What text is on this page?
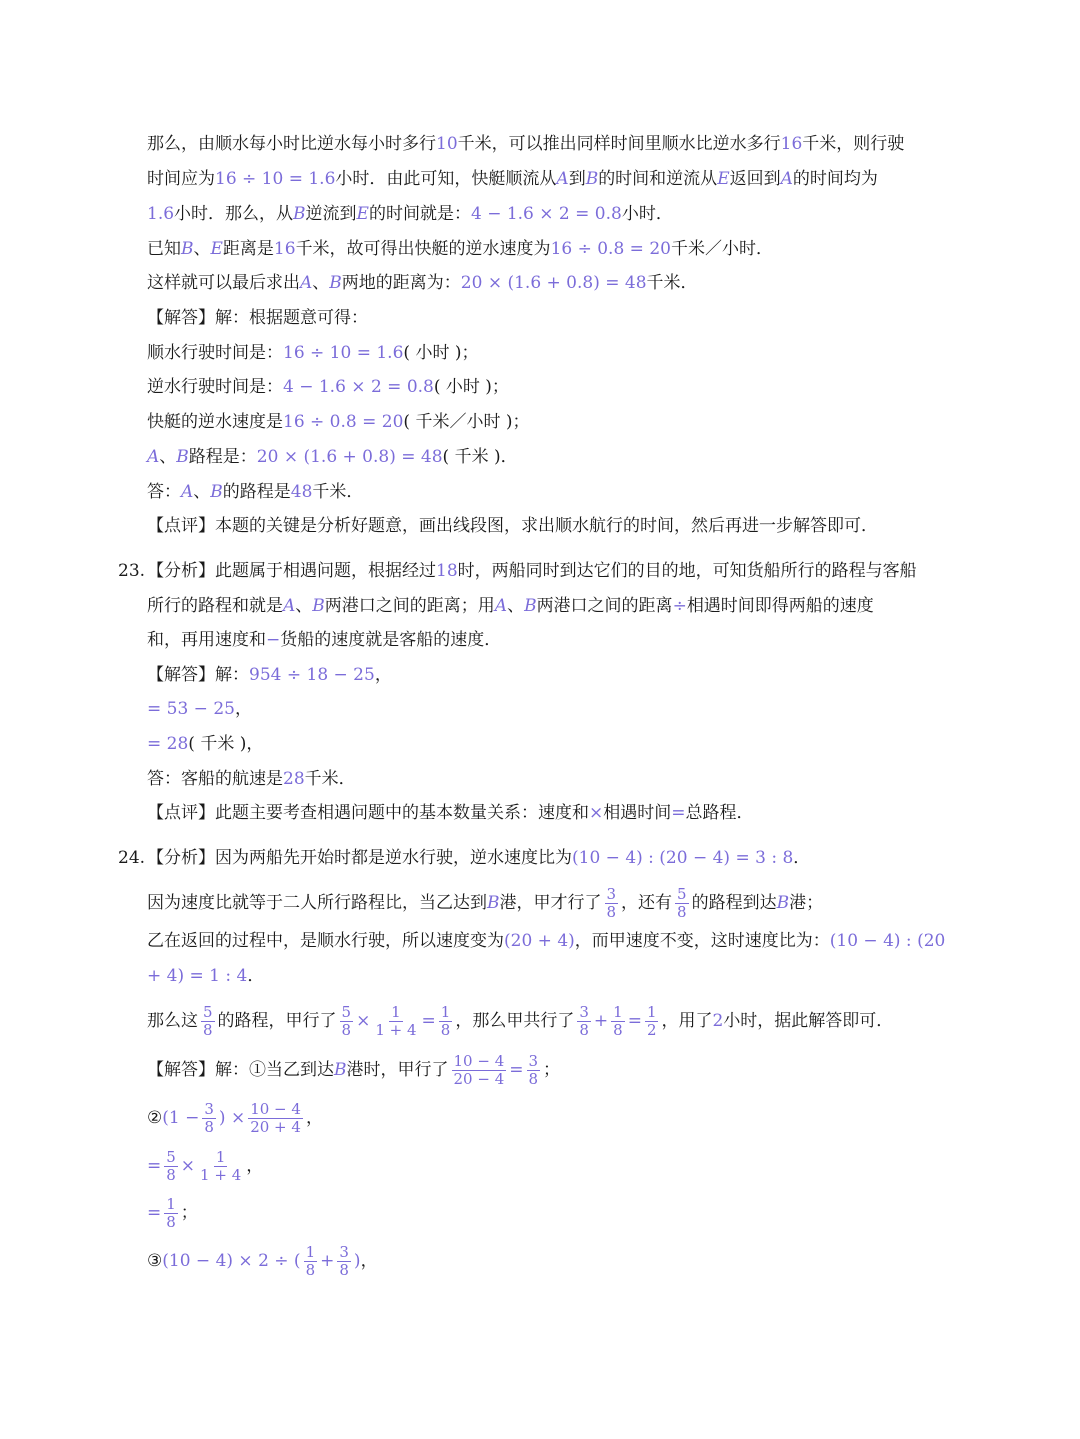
那么，由顺水每小时比逆水每小时多行10千米，可以推出同样时间里顺水比逆水多行16千米，则行驶
时间应为16 ÷ 10 = 1.6小时．由此可知，快艇顺流从A到B的时间和逆流从E返回到A的时间均为
1.6小时．那么，从B逆流到E的时间就是：4 − 1.6 × 2 = 0.8小时．
已知B、E距离是16千米，故可得出快艇的逆水速度为16 ÷ 0.8 = 20千米／小时．
这样就可以最后求出A、B两地的距离为：20 × (1.6 + 0.8) = 48千米．
【解答】解：根据题意可得：
顺水行驶时间是：16 ÷ 10 = 1.6( 小时 )；
逆水行驶时间是：4 − 1.6 × 2 = 0.8( 小时 )；
快艇的逆水速度是16 ÷ 0.8 = 20( 千米／小时 )；
A、B路程是：20 × (1.6 + 0.8) = 48( 千米 )．
答：A、B的路程是48千米．
【点评】本题的关键是分析好题意，画出线段图，求出顺水航行的时间，然后再进一步解答即可．
23. 【分析】此题属于相遇问题，根据经过18时，两船同时到达它们的目的地，可知货船所行的路程与客船
所行的路程和就是A、B两港口之间的距离；用A、B两港口之间的距离÷相遇时间即得两船的速度
和，再用速度和−货船的速度就是客船的速度．
【解答】解：954 ÷ 18 − 25，
= 53 − 25，
= 28( 千米 )，
答：客船的航速是28千米．
【点评】此题主要考查相遇问题中的基本数量关系：速度和×相遇时间=总路程．
24. 【分析】因为两船先开始时都是逆水行驶，逆水速度比为(10 − 4) : (20 − 4) = 3 : 8．
因为速度比就等于二人所行路程比，当乙达到B港，甲才行了 $\frac{3}{8}$ ，还有 $\frac{5}{8}$ 的路程到达B港；
乙在返回的过程中，是顺水行驶，所以速度变为(20 + 4)，而甲速度不变，这时速度比为：(10 − 4) : (20
+ 4) = 1 : 4．
那么这 $\frac{5}{8}$ 的路程，甲行了 $\frac{5}{8} \times \frac{1}{1 + 4} = \frac{1}{8}$ ，那么甲共行了 $\frac{3}{8} + \frac{1}{8} = \frac{1}{2}$ ，用了2小时，据此解答即可．
【解答】解：①当乙到达B港时，甲行了 $\frac{10 - 4}{20 - 4} = \frac{3}{8}$ ；
②(1 − $\frac{3}{8}$ ) × $\frac{10 - 4}{20 + 4}$ ，
= $\frac{5}{8} \times \frac{1}{1 + 4}$ ，
= $\frac{1}{8}$ ；
③(10 − 4) × 2 ÷ ( $\frac{1}{8} + \frac{3}{8}$ )，
